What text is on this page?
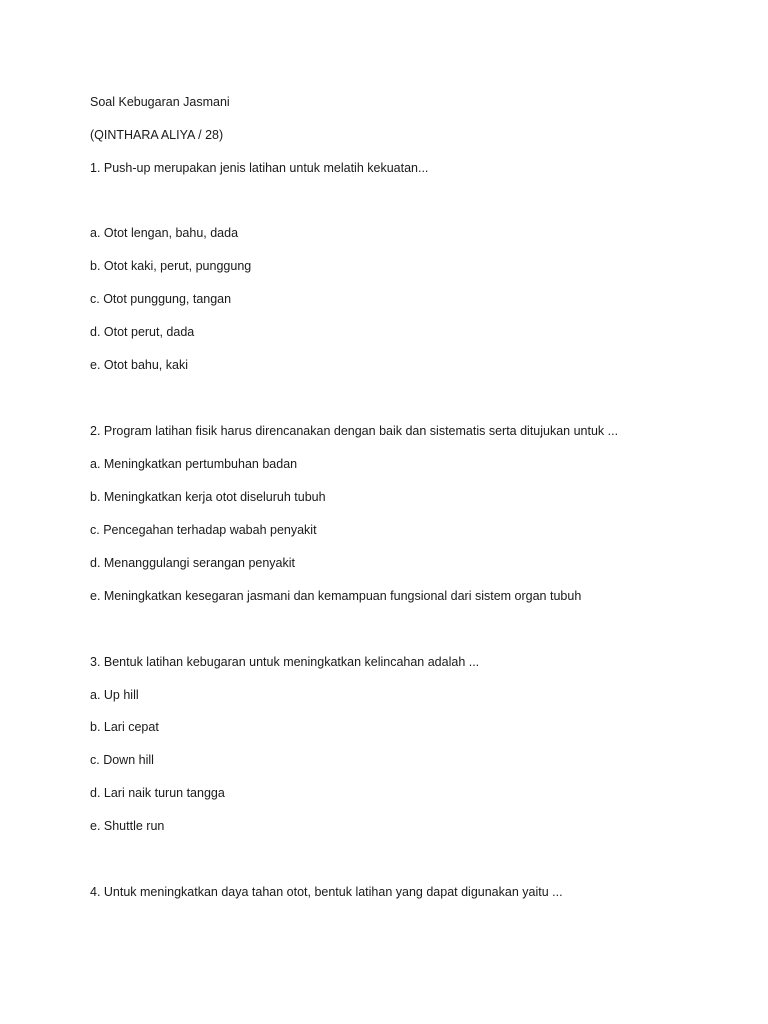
Soal Kebugaran Jasmani
(QINTHARA ALIYA / 28)
1. Push-up merupakan jenis latihan untuk melatih kekuatan...
a. Otot lengan, bahu, dada
b. Otot kaki, perut, punggung
c. Otot punggung, tangan
d. Otot perut, dada
e. Otot bahu, kaki
2. Program latihan fisik harus direncanakan dengan baik dan sistematis serta ditujukan untuk ...
a. Meningkatkan pertumbuhan badan
b. Meningkatkan kerja otot diseluruh tubuh
c. Pencegahan terhadap wabah penyakit
d. Menanggulangi serangan penyakit
e. Meningkatkan kesegaran jasmani dan kemampuan fungsional dari sistem organ tubuh
3. Bentuk latihan kebugaran untuk meningkatkan kelincahan adalah ...
a. Up hill
b. Lari cepat
c. Down hill
d. Lari naik turun tangga
e. Shuttle run
4. Untuk meningkatkan daya tahan otot, bentuk latihan yang dapat digunakan yaitu ...
